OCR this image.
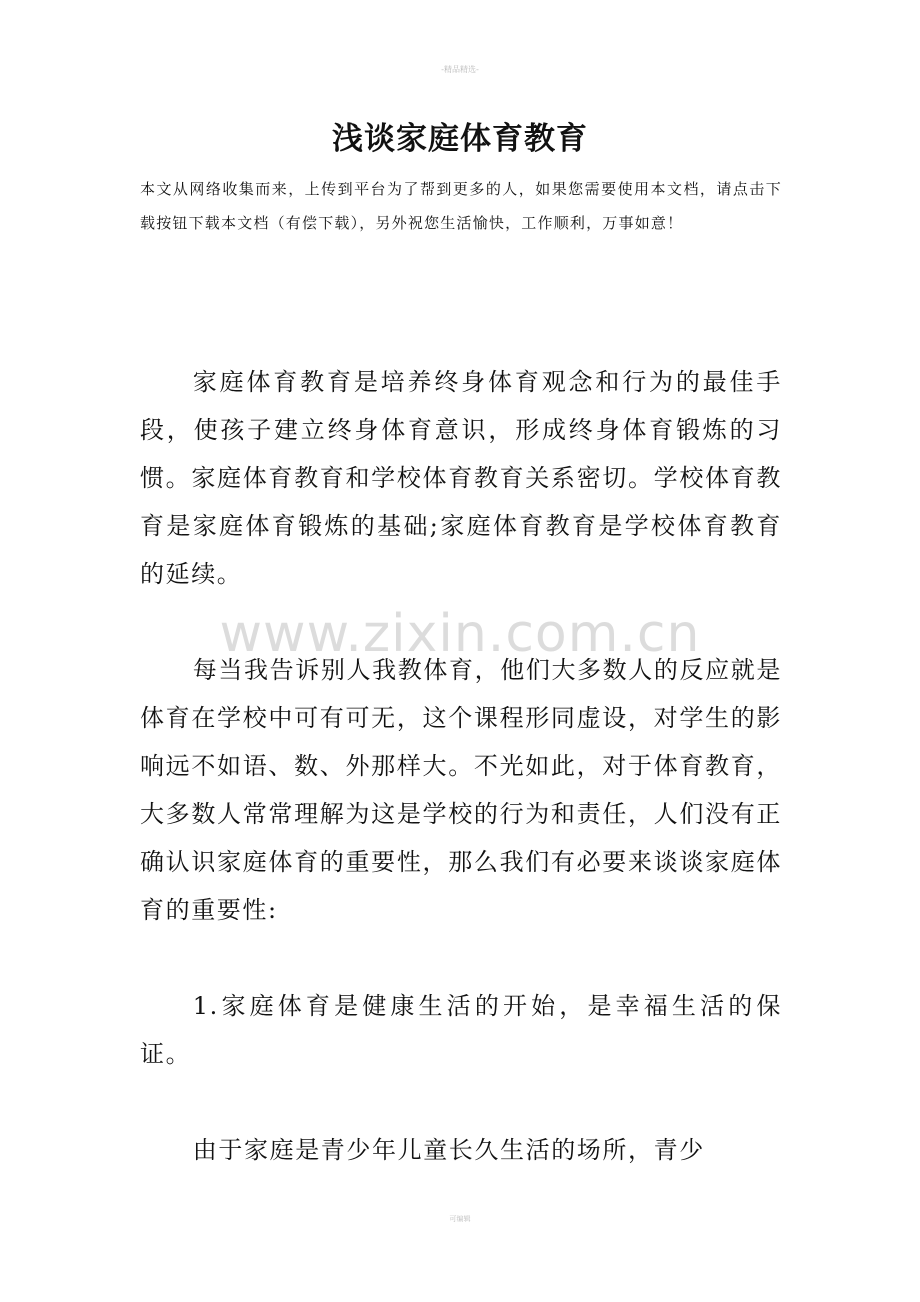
-精品精选-
浅谈家庭体育教育

本文从网络收集而来，上传到平台为了帮到更多的人，如果您需要使用本文档，请点击下载按钮下载本文档（有偿下载），另外祝您生活愉快，工作顺利，万事如意！

家庭体育教育是培养终身体育观念和行为的最佳手段，使孩子建立终身体育意识，形成终身体育锻炼的习惯。家庭体育教育和学校体育教育关系密切。学校体育教育是家庭体育锻炼的基础;家庭体育教育是学校体育教育的延续。

www.zixin.com.cn

每当我告诉别人我教体育，他们大多数人的反应就是体育在学校中可有可无，这个课程形同虚设，对学生的影响远不如语、数、外那样大。不光如此，对于体育教育，大多数人常常理解为这是学校的行为和责任，人们没有正确认识家庭体育的重要性，那么我们有必要来谈谈家庭体育的重要性:

1.家庭体育是健康生活的开始，是幸福生活的保证。

由于家庭是青少年儿童长久生活的场所，青少

可编辑
